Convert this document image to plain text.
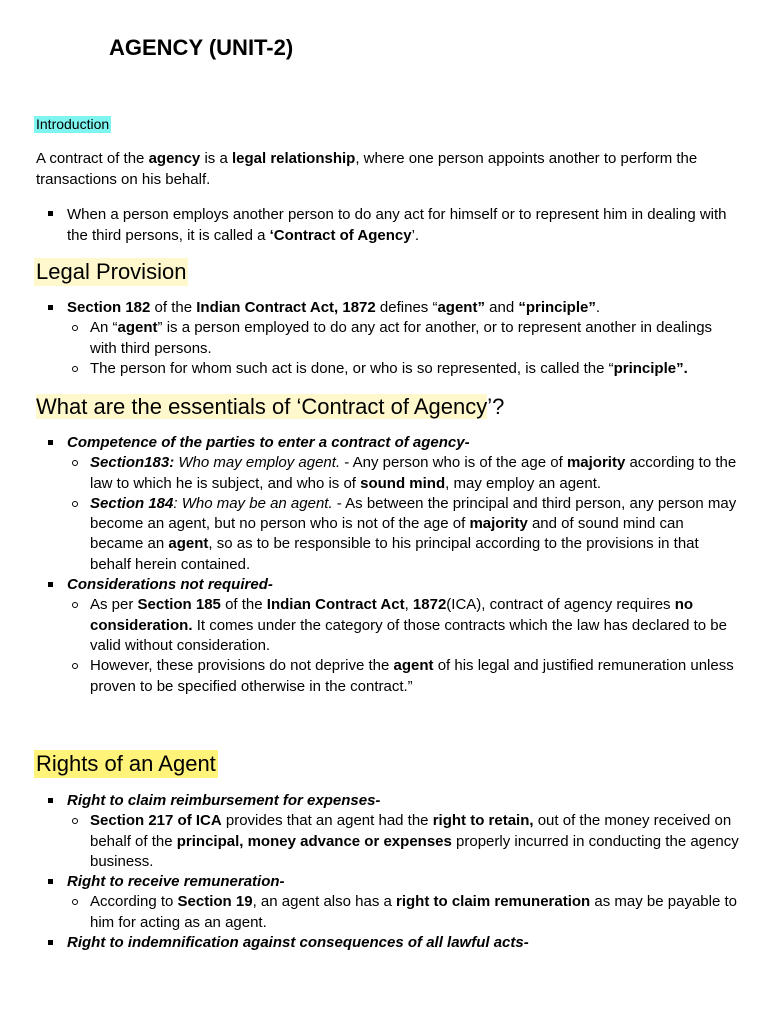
AGENCY (UNIT-2)
Introduction

A contract of the agency is a legal relationship, where one person appoints another to perform the transactions on his behalf.

When a person employs another person to do any act for himself or to represent him in dealing with the third persons, it is called a ‘Contract of Agency’.
Legal Provision
Section 182 of the Indian Contract Act, 1872 defines “agent” and “principle”.
An “agent” is a person employed to do any act for another, or to represent another in dealings with third persons.
The person for whom such act is done, or who is so represented, is called the “principle”.
What are the essentials of ‘Contract of Agency’?
Competence of the parties to enter a contract of agency-
Section183: Who may employ agent. - Any person who is of the age of majority according to the law to which he is subject, and who is of sound mind, may employ an agent.
Section 184: Who may be an agent. - As between the principal and third person, any person may become an agent, but no person who is not of the age of majority and of sound mind can became an agent, so as to be responsible to his principal according to the provisions in that behalf herein contained.
Considerations not required-
As per Section 185 of the Indian Contract Act, 1872(ICA), contract of agency requires no consideration. It comes under the category of those contracts which the law has declared to be valid without consideration.
However, these provisions do not deprive the agent of his legal and justified remuneration unless proven to be specified otherwise in the contract.”
Rights of an Agent
Right to claim reimbursement for expenses-
Section 217 of ICA provides that an agent had the right to retain, out of the money received on behalf of the principal, money advance or expenses properly incurred in conducting the agency business.
Right to receive remuneration-
According to Section 19, an agent also has a right to claim remuneration as may be payable to him for acting as an agent.
Right to indemnification against consequences of all lawful acts-
